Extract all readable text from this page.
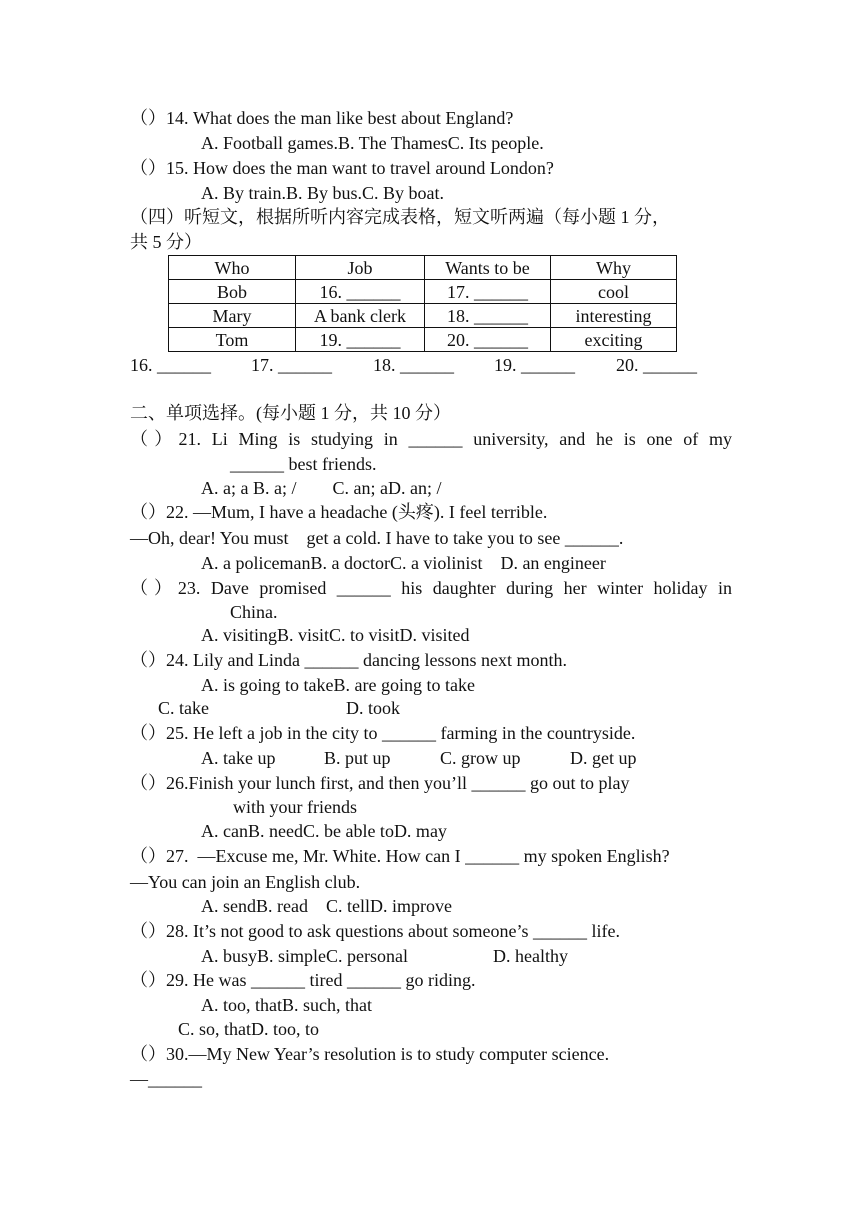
（）14. What does the man like best about England?
A. Football games.B. The ThamesC. Its people.
（）15. How does the man want to travel around London?
A. By train.B. By bus.C. By boat.
（四）听短文，根据所听内容完成表格，短文听两遍（每小题 1 分，
共 5 分）
Who	Job	Wants to be	Why
Bob	16. ______	17. ______	cool
Mary	A bank clerk	18. ______	interesting
Tom	19. ______	20. ______	exciting
16. ______ 17. ______ 18. ______ 19. ______ 20. ______
二、单项选择。(每小题 1 分，共 10 分）
（）21. Li Ming is studying in ______ university, and he is one of my
______ best friends.
A. a; a B. a; /        C. an; aD. an; /
（）22. —Mum, I have a headache (头疼). I feel terrible.
—Oh, dear! You must    get a cold. I have to take you to see ______.
A. a policemanB. a doctorC. a violinist    D. an engineer
（）23. Dave promised ______ his daughter during her winter holiday in
China.
A. visitingB. visitC. to visitD. visited
（）24. Lily and Linda ______ dancing lessons next month.
A. is going to takeB. are going to take
C. take	D. took
（）25. He left a job in the city to ______ farming in the countryside.
A. take up	B. put up	C. grow up	D. get up
（）26.Finish your lunch first, and then you’ll ______ go out to play
with your friends
A. canB. needC. be able toD. may
（）27.  —Excuse me, Mr. White. How can I ______ my spoken English?
—You can join an English club.
A. sendB. read    C. tellD. improve
（）28. It’s not good to ask questions about someone’s ______ life.
A. busyB. simpleC. personal	D. healthy
（）29. He was ______ tired ______ go riding.
A. too, thatB. such, that
C. so, thatD. too, to
（）30.—My New Year’s resolution is to study computer science.
—______
